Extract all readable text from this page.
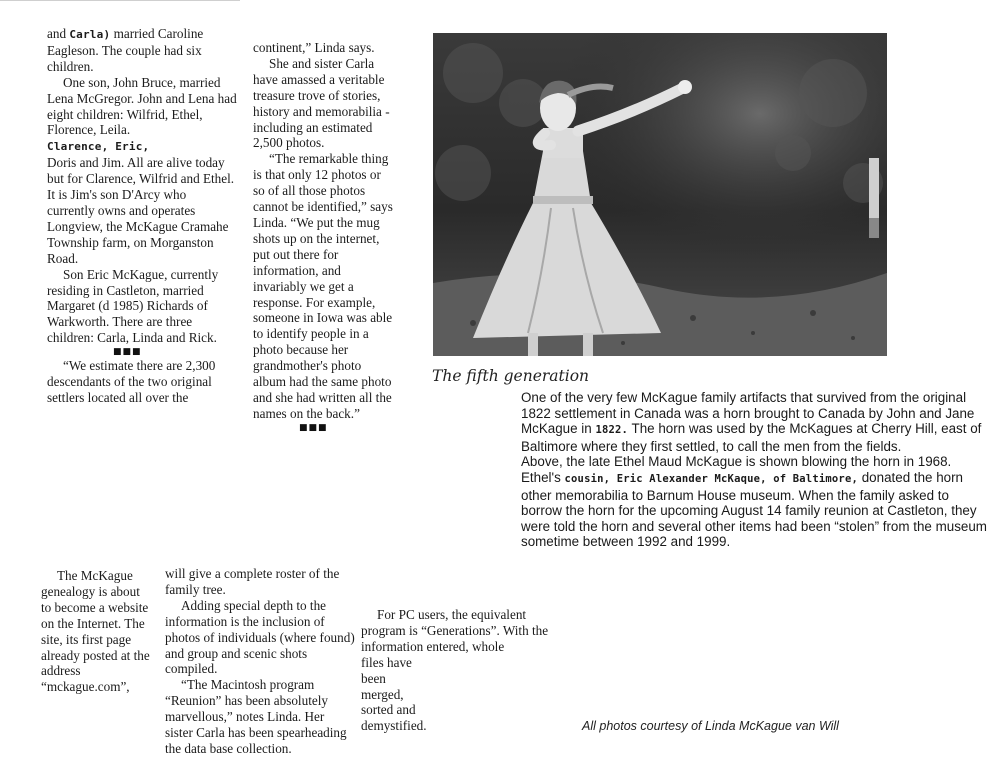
and Carla) married Caroline Eagleson. The couple had six children.

One son, John Bruce, married Lena McGregor. John and Lena had eight children: Wilfrid, Ethel, Florence, Leila.
Clarence, Eric,
Doris and Jim. All are alive today but for Clarence, Wilfrid and Ethel. It is Jim's son D'Arcy who currently owns and operates Longview, the McKague Cramahe Township farm, on Morganston Road.

Son Eric McKague, currently residing in Castleton, married Margaret (d 1985) Richards of Warkworth. There are three children: Carla, Linda and Rick.

■■■

“We estimate there are 2,300 descendants of the two original settlers located all over the

continent,” Linda says.

She and sister Carla have amassed a veritable treasure trove of stories, history and memorabilia - including an estimated 2,500 photos.

“The remarkable thing is that only 12 photos or so of all those photos cannot be identified,” says Linda. “We put the mug shots up on the internet, put out there for information, and invariably we get a response. For example, someone in Iowa was able to identify people in a photo because her grandmother's photo album had the same photo and she had written all the names on the back.”

■■■

The fifth generation

One of the very few McKague family artifacts that survived from the original 1822 settlement in Canada was a horn brought to Canada by John and Jane McKague in 1822. The horn was used by the McKagues at Cherry Hill, east of Baltimore where they first settled, to call the men from the fields.

Above, the late Ethel Maud McKague is shown blowing the horn in 1968. Ethel's cousin, Eric Alexander McKaque, of Baltimore, donated the horn other memorabilia to Barnum House museum. When the family asked to borrow the horn for the upcoming August 14 family reunion at Castleton, they were told the horn and several other items had been “stolen” from the museum sometime between 1992 and 1999.

The McKague genealogy is about to become a website on the Internet. The site, its first page already posted at the address “mckague.com”,

will give a complete roster of the family tree.

Adding special depth to the information is the inclusion of photos of individuals (where found) and group and scenic shots compiled.

“The Macintosh program “Reunion” has been absolutely marvellous,” notes Linda. Her sister Carla has been spearheading the data base collection.

For PC users, the equivalent program is “Generations”. With the information entered, whole

files have been merged, sorted and demystified.	All photos courtesy of Linda McKague van Will
